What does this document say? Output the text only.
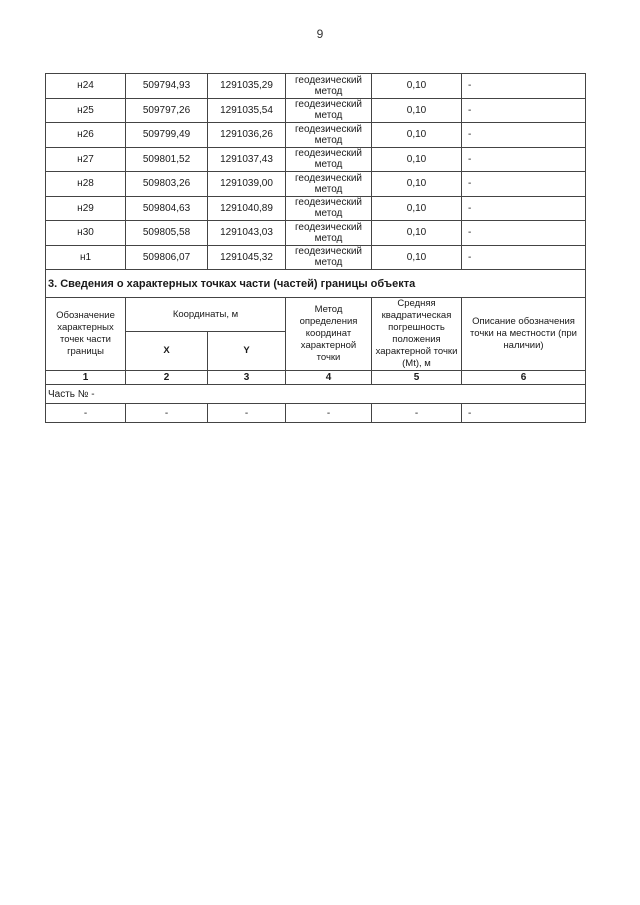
9
н24	509794,93	1291035,29	геодезический метод	0,10	-
н25	509797,26	1291035,54	геодезический метод	0,10	-
н26	509799,49	1291036,26	геодезический метод	0,10	-
н27	509801,52	1291037,43	геодезический метод	0,10	-
н28	509803,26	1291039,00	геодезический метод	0,10	-
н29	509804,63	1291040,89	геодезический метод	0,10	-
н30	509805,58	1291043,03	геодезический метод	0,10	-
н1	509806,07	1291045,32	геодезический метод	0,10	-
3. Сведения о характерных точках части (частей) границы объекта					
Обозначение характерных точек части границы	Координаты, м		Метод определения координат характерной точки	Средняя квадратическая погрешность положения характерной точки (Mt), м	Описание обозначения точки на местности (при наличии)
	X	Y			
1	2	3	4	5	6
Часть № -					
-	-	-	-	-	-
